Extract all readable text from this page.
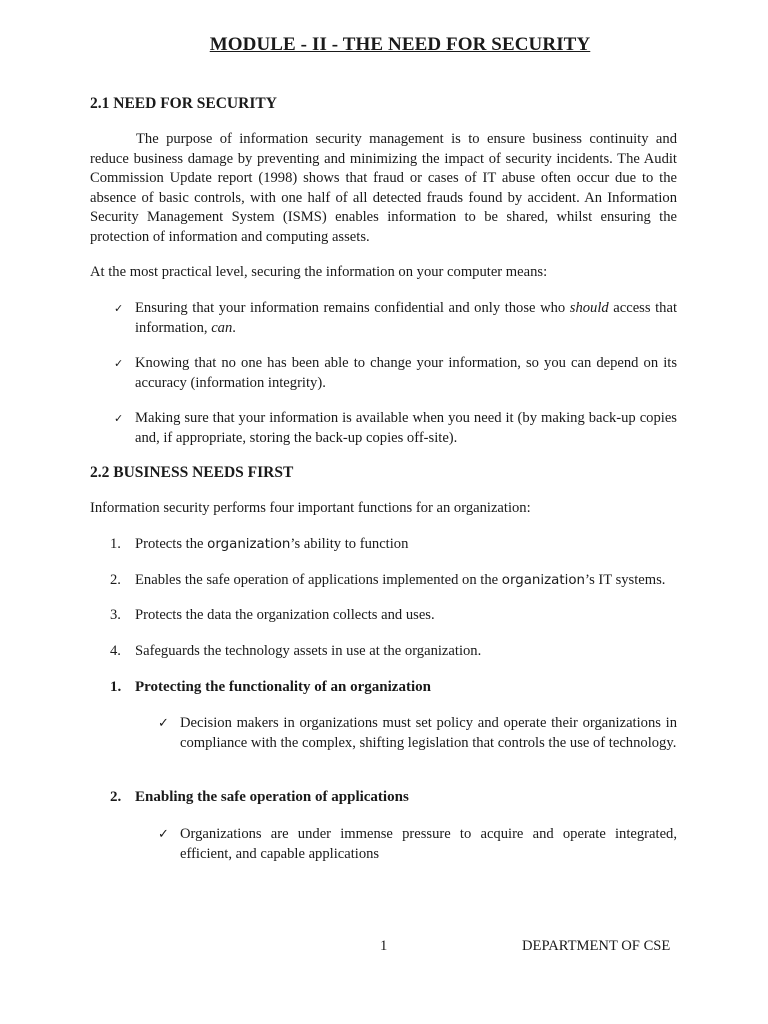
MODULE - II - THE NEED FOR SECURITY
2.1 NEED FOR SECURITY

The purpose of information security management is to ensure business continuity and reduce business damage by preventing and minimizing the impact of security incidents. The Audit Commission Update report (1998) shows that fraud or cases of IT abuse often occur due to the absence of basic controls, with one half of all detected frauds found by accident. An Information Security Management System (ISMS) enables information to be shared, whilst ensuring the protection of information and computing assets.

At the most practical level, securing the information on your computer means:
✓ Ensuring that your information remains confidential and only those who should access that information, can.
✓ Knowing that no one has been able to change your information, so you can depend on its accuracy (information integrity).
✓ Making sure that your information is available when you need it (by making back-up copies and, if appropriate, storing the back-up copies off-site).
2.2 BUSINESS NEEDS FIRST
Information security performs four important functions for an organization:
1. Protects the organization’s ability to function
2. Enables the safe operation of applications implemented on the organization’s IT systems.
3. Protects the data the organization collects and uses.
4. Safeguards the technology assets in use at the organization.
1. Protecting the functionality of an organization
✓ Decision makers in organizations must set policy and operate their organizations in compliance with the complex, shifting legislation that controls the use of technology.
2. Enabling the safe operation of applications
✓ Organizations are under immense pressure to acquire and operate integrated, efficient, and capable applications
1	DEPARTMENT OF CSE
